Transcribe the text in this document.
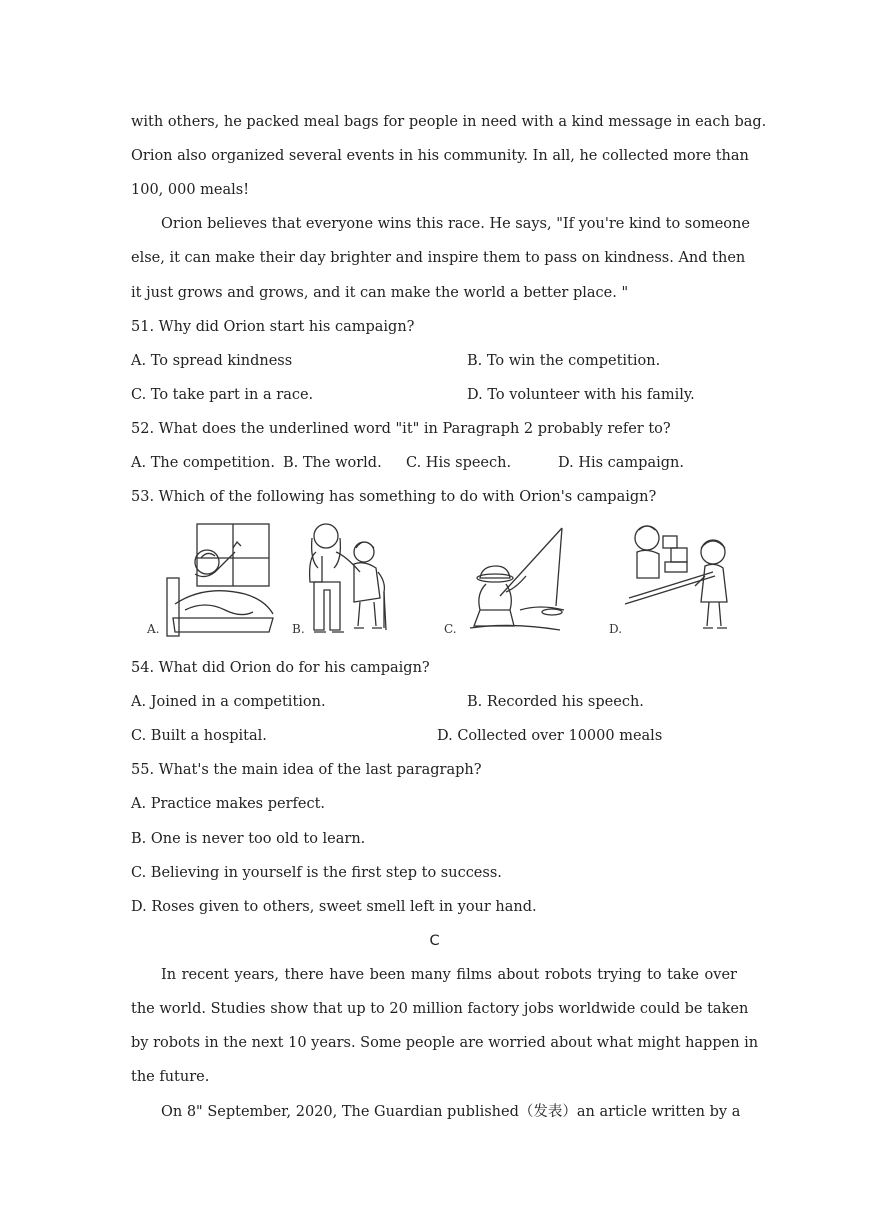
with others, he packed meal bags for people in need with a kind message in each bag.
Orion also organized several events in his community. In all, he collected more than
100, 000 meals!
Orion believes that everyone wins this race. He says, "If you're kind to someone
else, it can make their day brighter and inspire them to pass on kindness. And then
it just grows and grows, and it can make the world a better place. "
51. Why did Orion start his campaign?
A. To spread kindness	B. To win the competition.
C. To take part in a race.	D. To volunteer with his family.
52. What does the underlined word "it" in Paragraph 2 probably refer to?
A. The competition. B. The world. C. His speech.	D. His campaign.
53. Which of the following has something to do with Orion's campaign?
A.	B.	C.	D.
54. What did Orion do for his campaign?
A. Joined in a competition.	B. Recorded his speech.
C. Built a hospital.	D. Collected over 10000 meals
55. What's the main idea of the last paragraph?
A. Practice makes perfect.
B. One is never too old to learn.
C. Believing in yourself is the first step to success.
D. Roses given to others, sweet smell left in your hand.
C
In recent years, there have been many films about robots trying to take over
the world. Studies show that up to 20 million factory jobs worldwide could be taken
by robots in the next 10 years. Some people are worried about what might happen in
the future.
On 8" September, 2020, The Guardian published（发表）an article written by a
